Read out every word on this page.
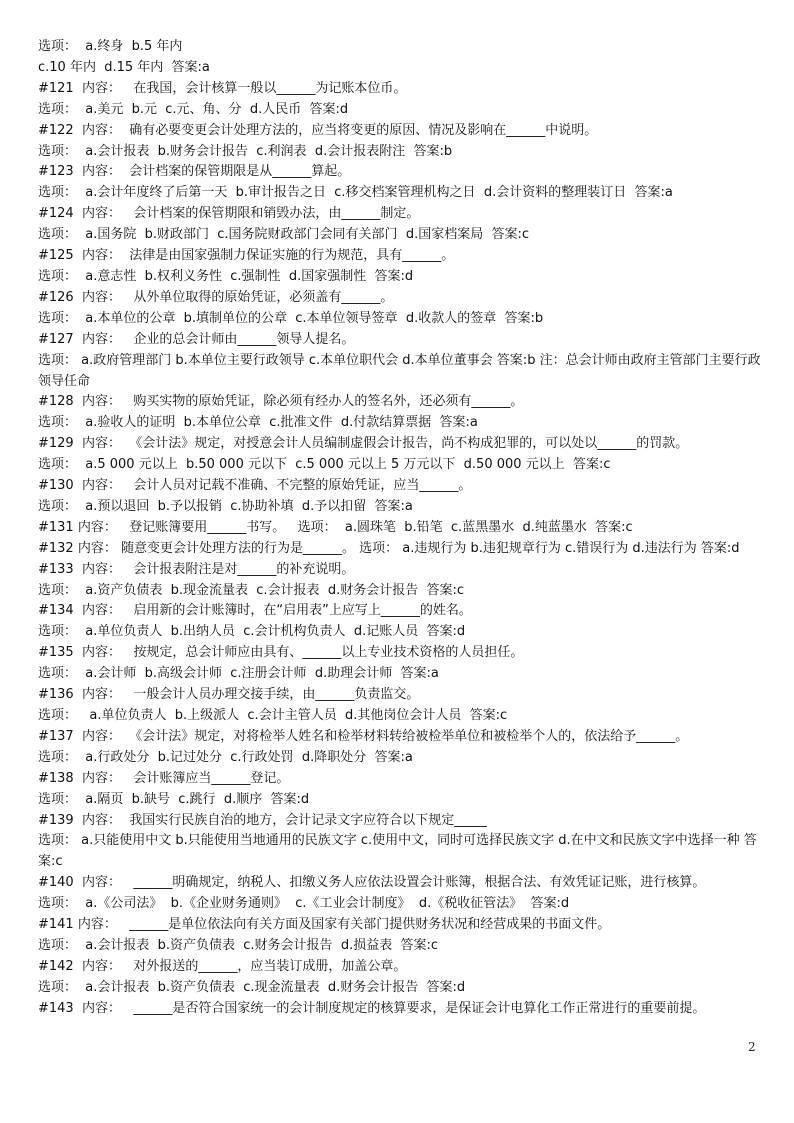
选项：  a.终身  b.5 年内
c.10 年内  d.15 年内  答案:a
#121  内容：   在我国，会计核算一般以______为记账本位币。
选项：  a.美元  b.元  c.元、角、分  d.人民币  答案:d
#122  内容：  确有必要变更会计处理方法的，应当将变更的原因、情况及影响在______中说明。
选项：  a.会计报表  b.财务会计报告  c.利润表  d.会计报表附注  答案:b
#123  内容：  会计档案的保管期限是从______算起。
选项：  a.会计年度终了后第一天  b.审计报告之日  c.移交档案管理机构之日  d.会计资料的整理装订日  答案:a
#124  内容：   会计档案的保管期限和销毁办法，由______制定。
选项：  a.国务院  b.财政部门  c.国务院财政部门会同有关部门  d.国家档案局  答案:c
#125  内容：  法律是由国家强制力保证实施的行为规范，具有______。
选项：  a.意志性  b.权利义务性  c.强制性  d.国家强制性  答案:d
#126  内容：   从外单位取得的原始凭证，必须盖有______。
选项：  a.本单位的公章  b.填制单位的公章  c.本单位领导签章  d.收款人的签章  答案:b
#127  内容：   企业的总会计师由______领导人提名。
选项： a.政府管理部门 b.本单位主要行政领导 c.本单位职代会 d.本单位董事会 答案:b 注：总会计师由政府主管部门主要行政领导任命
#128  内容：   购买实物的原始凭证，除必须有经办人的签名外，还必须有______。
选项：  a.验收人的证明  b.本单位公章  c.批准文件  d.付款结算票据  答案:a
#129  内容：  《会计法》规定，对授意会计人员编制虚假会计报告，尚不构成犯罪的，可以处以______的罚款。
选项：  a.5 000 元以上  b.50 000 元以下  c.5 000 元以上 5 万元以下  d.50 000 元以上  答案:c
#130  内容：   会计人员对记载不准确、不完整的原始凭证，应当______。
选项：  a.预以退回  b.予以报销  c.协助补填  d.予以扣留  答案:a
#131 内容：   登记账簿要用______书写。   选项：  a.圆珠笔  b.铅笔  c.蓝黑墨水  d.纯蓝墨水  答案:c
#132 内容： 随意变更会计处理方法的行为是______。 选项： a.违规行为 b.违犯规章行为 c.错误行为 d.违法行为 答案:d
#133  内容：   会计报表附注是对______的补充说明。
选项：  a.资产负债表  b.现金流量表  c.会计报表  d.财务会计报告  答案:c
#134  内容：   启用新的会计账簿时，在“启用表”上应写上______的姓名。
选项：  a.单位负责人  b.出纳人员  c.会计机构负责人  d.记账人员  答案:d
#135  内容：   按规定，总会计师应由具有、______以上专业技术资格的人员担任。
选项：  a.会计师  b.高级会计师  c.注册会计师  d.助理会计师  答案:a
#136  内容：   一般会计人员办理交接手续，由______负责监交。
选项：   a.单位负责人  b.上级派人  c.会计主管人员  d.其他岗位会计人员  答案:c
#137  内容：  《会计法》规定，对将检举人姓名和检举材料转给被检举单位和被检举个人的，依法给予______。
选项：  a.行政处分  b.记过处分  c.行政处罚  d.降职处分  答案:a
#138  内容：   会计账簿应当______登记。
选项：  a.隔页  b.缺号  c.跳行  d.顺序  答案:d
#139  内容：  我国实行民族自治的地方，会计记录文字应符合以下规定_____
选项： a.只能使用中文 b.只能使用当地通用的民族文字 c.使用中文，同时可选择民族文字 d.在中文和民族文字中选择一种 答案:c
#140  内容：   ______明确规定，纳税人、扣缴义务人应依法设置会计账簿，根据合法、有效凭证记账，进行核算。
选项：  a.《公司法》  b.《企业财务通则》  c.《工业会计制度》  d.《税收征管法》  答案:d
#141 内容：   ______是单位依法向有关方面及国家有关部门提供财务状况和经营成果的书面文件。
选项：  a.会计报表  b.资产负债表  c.财务会计报告  d.损益表  答案:c
#142  内容：   对外报送的______，应当装订成册，加盖公章。
选项：  a.会计报表  b.资产负债表  c.现金流量表  d.财务会计报告  答案:d
#143  内容：   ______是否符合国家统一的会计制度规定的核算要求，是保证会计电算化工作正常进行的重要前提。
2
